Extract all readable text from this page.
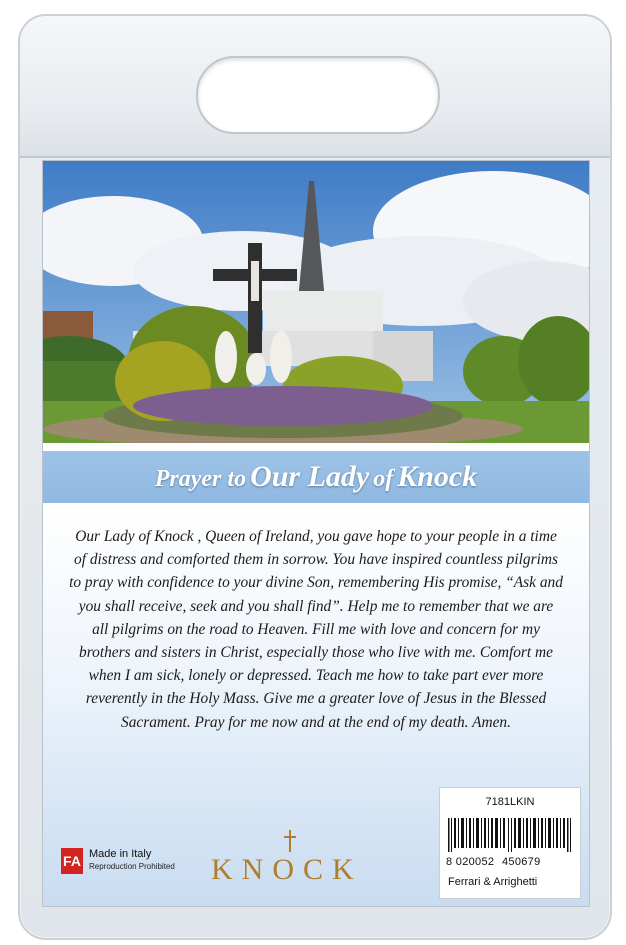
Prayer to Our Lady of Knock

Our Lady of Knock , Queen of Ireland, you gave hope to your people in a time of distress and comforted them in sorrow. You have inspired countless pilgrims to pray with confidence to your divine Son, remembering His promise, “Ask and you shall receive, seek and you shall find”. Help me to remember that we are all pilgrims on the road to Heaven. Fill me with love and concern for my brothers and sisters in Christ, especially those who live with me. Comfort me when I am sick, lonely or depressed. Teach me how to take part ever more reverently in the Holy Mass. Give me a greater love of Jesus in the Blessed Sacrament. Pray for me now and at the end of my death. Amen.

FA Made in Italy
Reproduction Prohibited KNOCK
7181LKIN
8 020052 450679
Ferrari & Arrighetti
